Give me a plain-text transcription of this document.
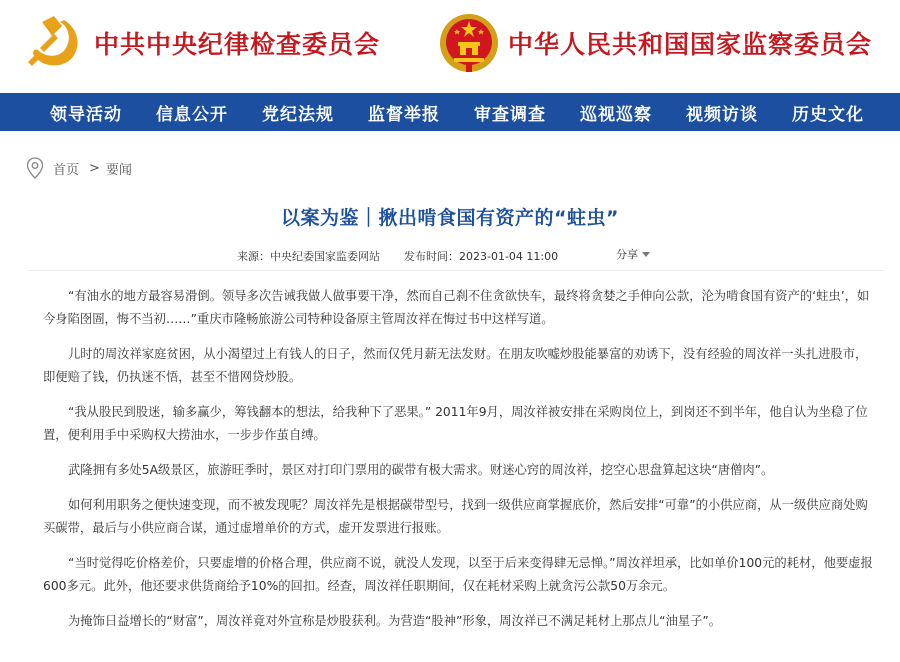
中共中央纪律检查委员会	中华人民共和国国家监察委员会
领导活动 信息公开 党纪法规 监督举报 审查调查 巡视巡察 视频访谈 历史文化
首页 > 要闻
以案为鉴｜揪出啃食国有资产的“蛀虫”
来源：中央纪委国家监委网站 发布时间：2023-01-04 11:00	分享

“有油水的地方最容易滑倒。领导多次告诫我做人做事要干净，然而自己刹不住贪欲快车，最终将贪婪之手伸向公款，沦为啃食国有资产的‘蛀虫’，如今身陷囹圄，悔不当初……”重庆市隆畅旅游公司特种设备原主管周汝祥在悔过书中这样写道。

儿时的周汝祥家庭贫困，从小渴望过上有钱人的日子，然而仅凭月薪无法发财。在朋友吹嘘炒股能暴富的劝诱下，没有经验的周汝祥一头扎进股市，即便赔了钱，仍执迷不悟，甚至不惜网贷炒股。

“我从股民到股迷，输多赢少，筹钱翻本的想法，给我种下了恶果。” 2011年9月，周汝祥被安排在采购岗位上，到岗还不到半年，他自认为坐稳了位置，便利用手中采购权大捞油水，一步步作茧自缚。

武隆拥有多处5A级景区，旅游旺季时，景区对打印门票用的碳带有极大需求。财迷心窍的周汝祥，挖空心思盘算起这块“唐僧肉”。

如何利用职务之便快速变现，而不被发现呢？周汝祥先是根据碳带型号，找到一级供应商掌握底价，然后安排“可靠”的小供应商，从一级供应商处购买碳带，最后与小供应商合谋，通过虚增单价的方式，虚开发票进行报账。

“当时觉得吃价格差价，只要虚增的价格合理，供应商不说，就没人发现，以至于后来变得肆无忌惮。”周汝祥坦承，比如单价100元的耗材，他要虚报600多元。此外，他还要求供货商给予10%的回扣。经查，周汝祥任职期间，仅在耗材采购上就贪污公款50万余元。

为掩饰日益增长的“财富”，周汝祥竟对外宣称是炒股获利。为营造“股神”形象，周汝祥已不满足耗材上那点儿“油星子”。
